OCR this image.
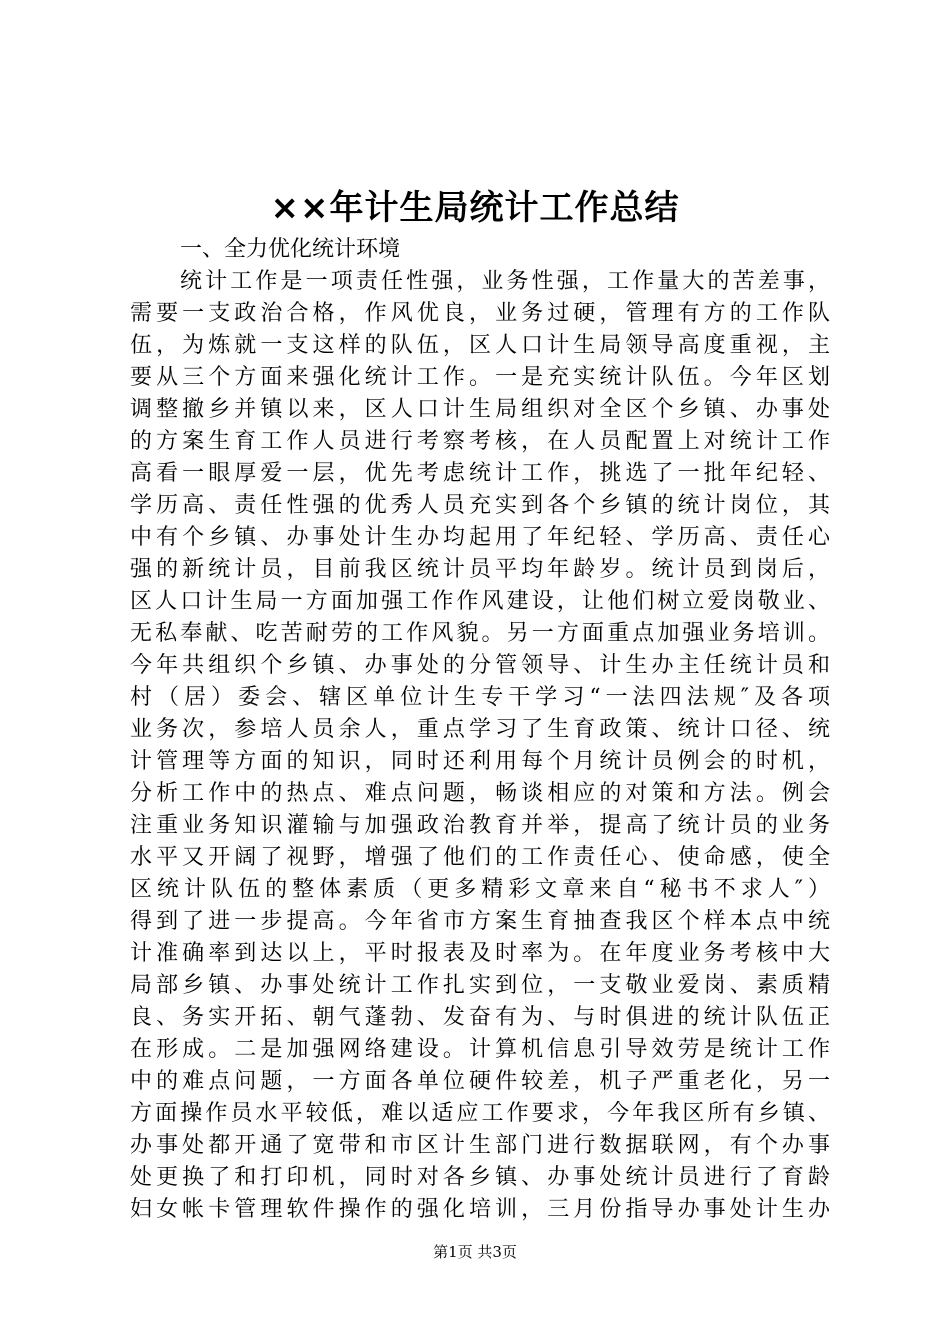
××年计生局统计工作总结
一、全力优化统计环境
统计工作是一项责任性强，业务性强，工作量大的苦差事，
需要一支政治合格，作风优良，业务过硬，管理有方的工作队
伍，为炼就一支这样的队伍，区人口计生局领导高度重视，主
要从三个方面来强化统计工作。一是充实统计队伍。今年区划
调整撤乡并镇以来，区人口计生局组织对全区个乡镇、办事处
的方案生育工作人员进行考察考核，在人员配置上对统计工作
高看一眼厚爱一层，优先考虑统计工作，挑选了一批年纪轻、
学历高、责任性强的优秀人员充实到各个乡镇的统计岗位，其
中有个乡镇、办事处计生办均起用了年纪轻、学历高、责任心
强的新统计员，目前我区统计员平均年龄岁。统计员到岗后，
区人口计生局一方面加强工作作风建设，让他们树立爱岗敬业、
无私奉献、吃苦耐劳的工作风貌。另一方面重点加强业务培训。
今年共组织个乡镇、办事处的分管领导、计生办主任统计员和
村（居）委会、辖区单位计生专干学习“一法四法规″及各项
业务次，参培人员余人，重点学习了生育政策、统计口径、统
计管理等方面的知识，同时还利用每个月统计员例会的时机，
分析工作中的热点、难点问题，畅谈相应的对策和方法。例会
注重业务知识灌输与加强政治教育并举，提高了统计员的业务
水平又开阔了视野，增强了他们的工作责任心、使命感，使全
区统计队伍的整体素质（更多精彩文章来自“秘书不求人″）
得到了进一步提高。今年省市方案生育抽查我区个样本点中统
计准确率到达以上，平时报表及时率为。在年度业务考核中大
局部乡镇、办事处统计工作扎实到位，一支敬业爱岗、素质精
良、务实开拓、朝气蓬勃、发奋有为、与时俱进的统计队伍正
在形成。二是加强网络建设。计算机信息引导效劳是统计工作
中的难点问题，一方面各单位硬件较差，机子严重老化，另一
方面操作员水平较低，难以适应工作要求，今年我区所有乡镇、
办事处都开通了宽带和市区计生部门进行数据联网，有个办事
处更换了和打印机，同时对各乡镇、办事处统计员进行了育龄
妇女帐卡管理软件操作的强化培训，三月份指导办事处计生办
第1页 共3页
